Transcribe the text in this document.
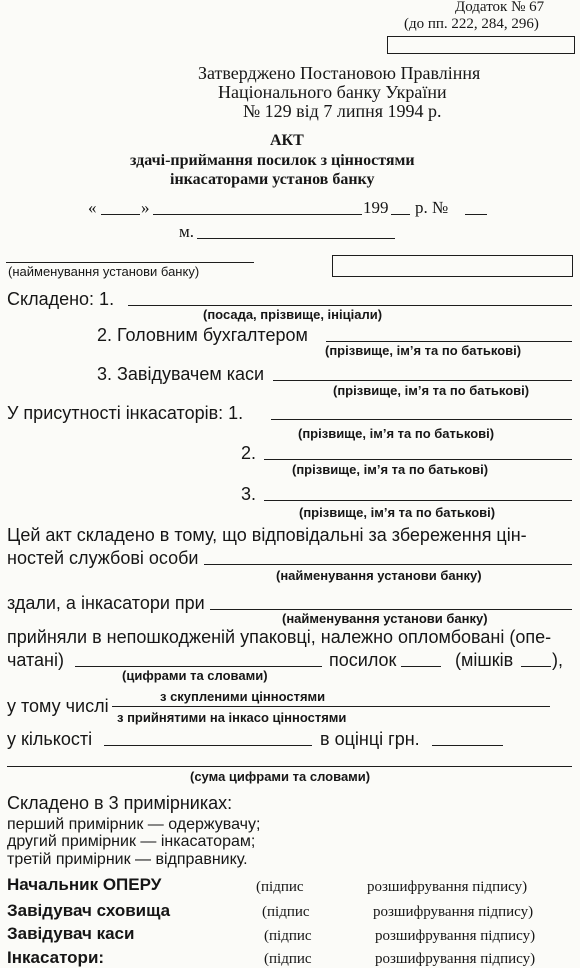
Додаток № 67
(до пп. 222, 284, 296)
Затверджено Постановою Правління
Національного банку України
№ 129 від 7 липня 1994 р.
АКТ
здачі-приймання посилок з цінностями
інкасаторами установ банку
«	»	199 р. №
м.
(найменування установи банку)
Складено: 1.
(посада, прізвище, ініціали)
2. Головним бухгалтером
(прізвище, ім’я та по батькові)
3. Завідувачем каси
(прізвище, ім’я та по батькові)
У присутності інкасаторів: 1.
(прізвище, ім’я та по батькові)
2.
(прізвище, ім’я та по батькові)
3.
(прізвище, ім’я та по батькові)
Цей акт складено в тому, що відповідальні за збереження цін-
ностей службові особи
(найменування установи банку)
здали, а інкасатори при
(найменування установи банку)
прийняли в непошкодженій упаковці, належно опломбовані (опе-
чатані)	посилок	(мішків ),
(цифрами та словами)
у тому числі	з скупленими цінностями
з прийнятими на інкасо цінностями
у кількості	в оцінці грн.
(сума цифрами та словами)
Складено в 3 примірниках:
перший примірник — одержувачу;
другий примірник — інкасаторам;
третій примірник — відправнику.
Начальник ОПЕРУ	(підпис	розшифрування підпису)
Завідувач сховища	(підпис	розшифрування підпису)
Завідувач каси	(підпис	розшифрування підпису)
Інкасатори:	(підпис	розшифрування підпису)
